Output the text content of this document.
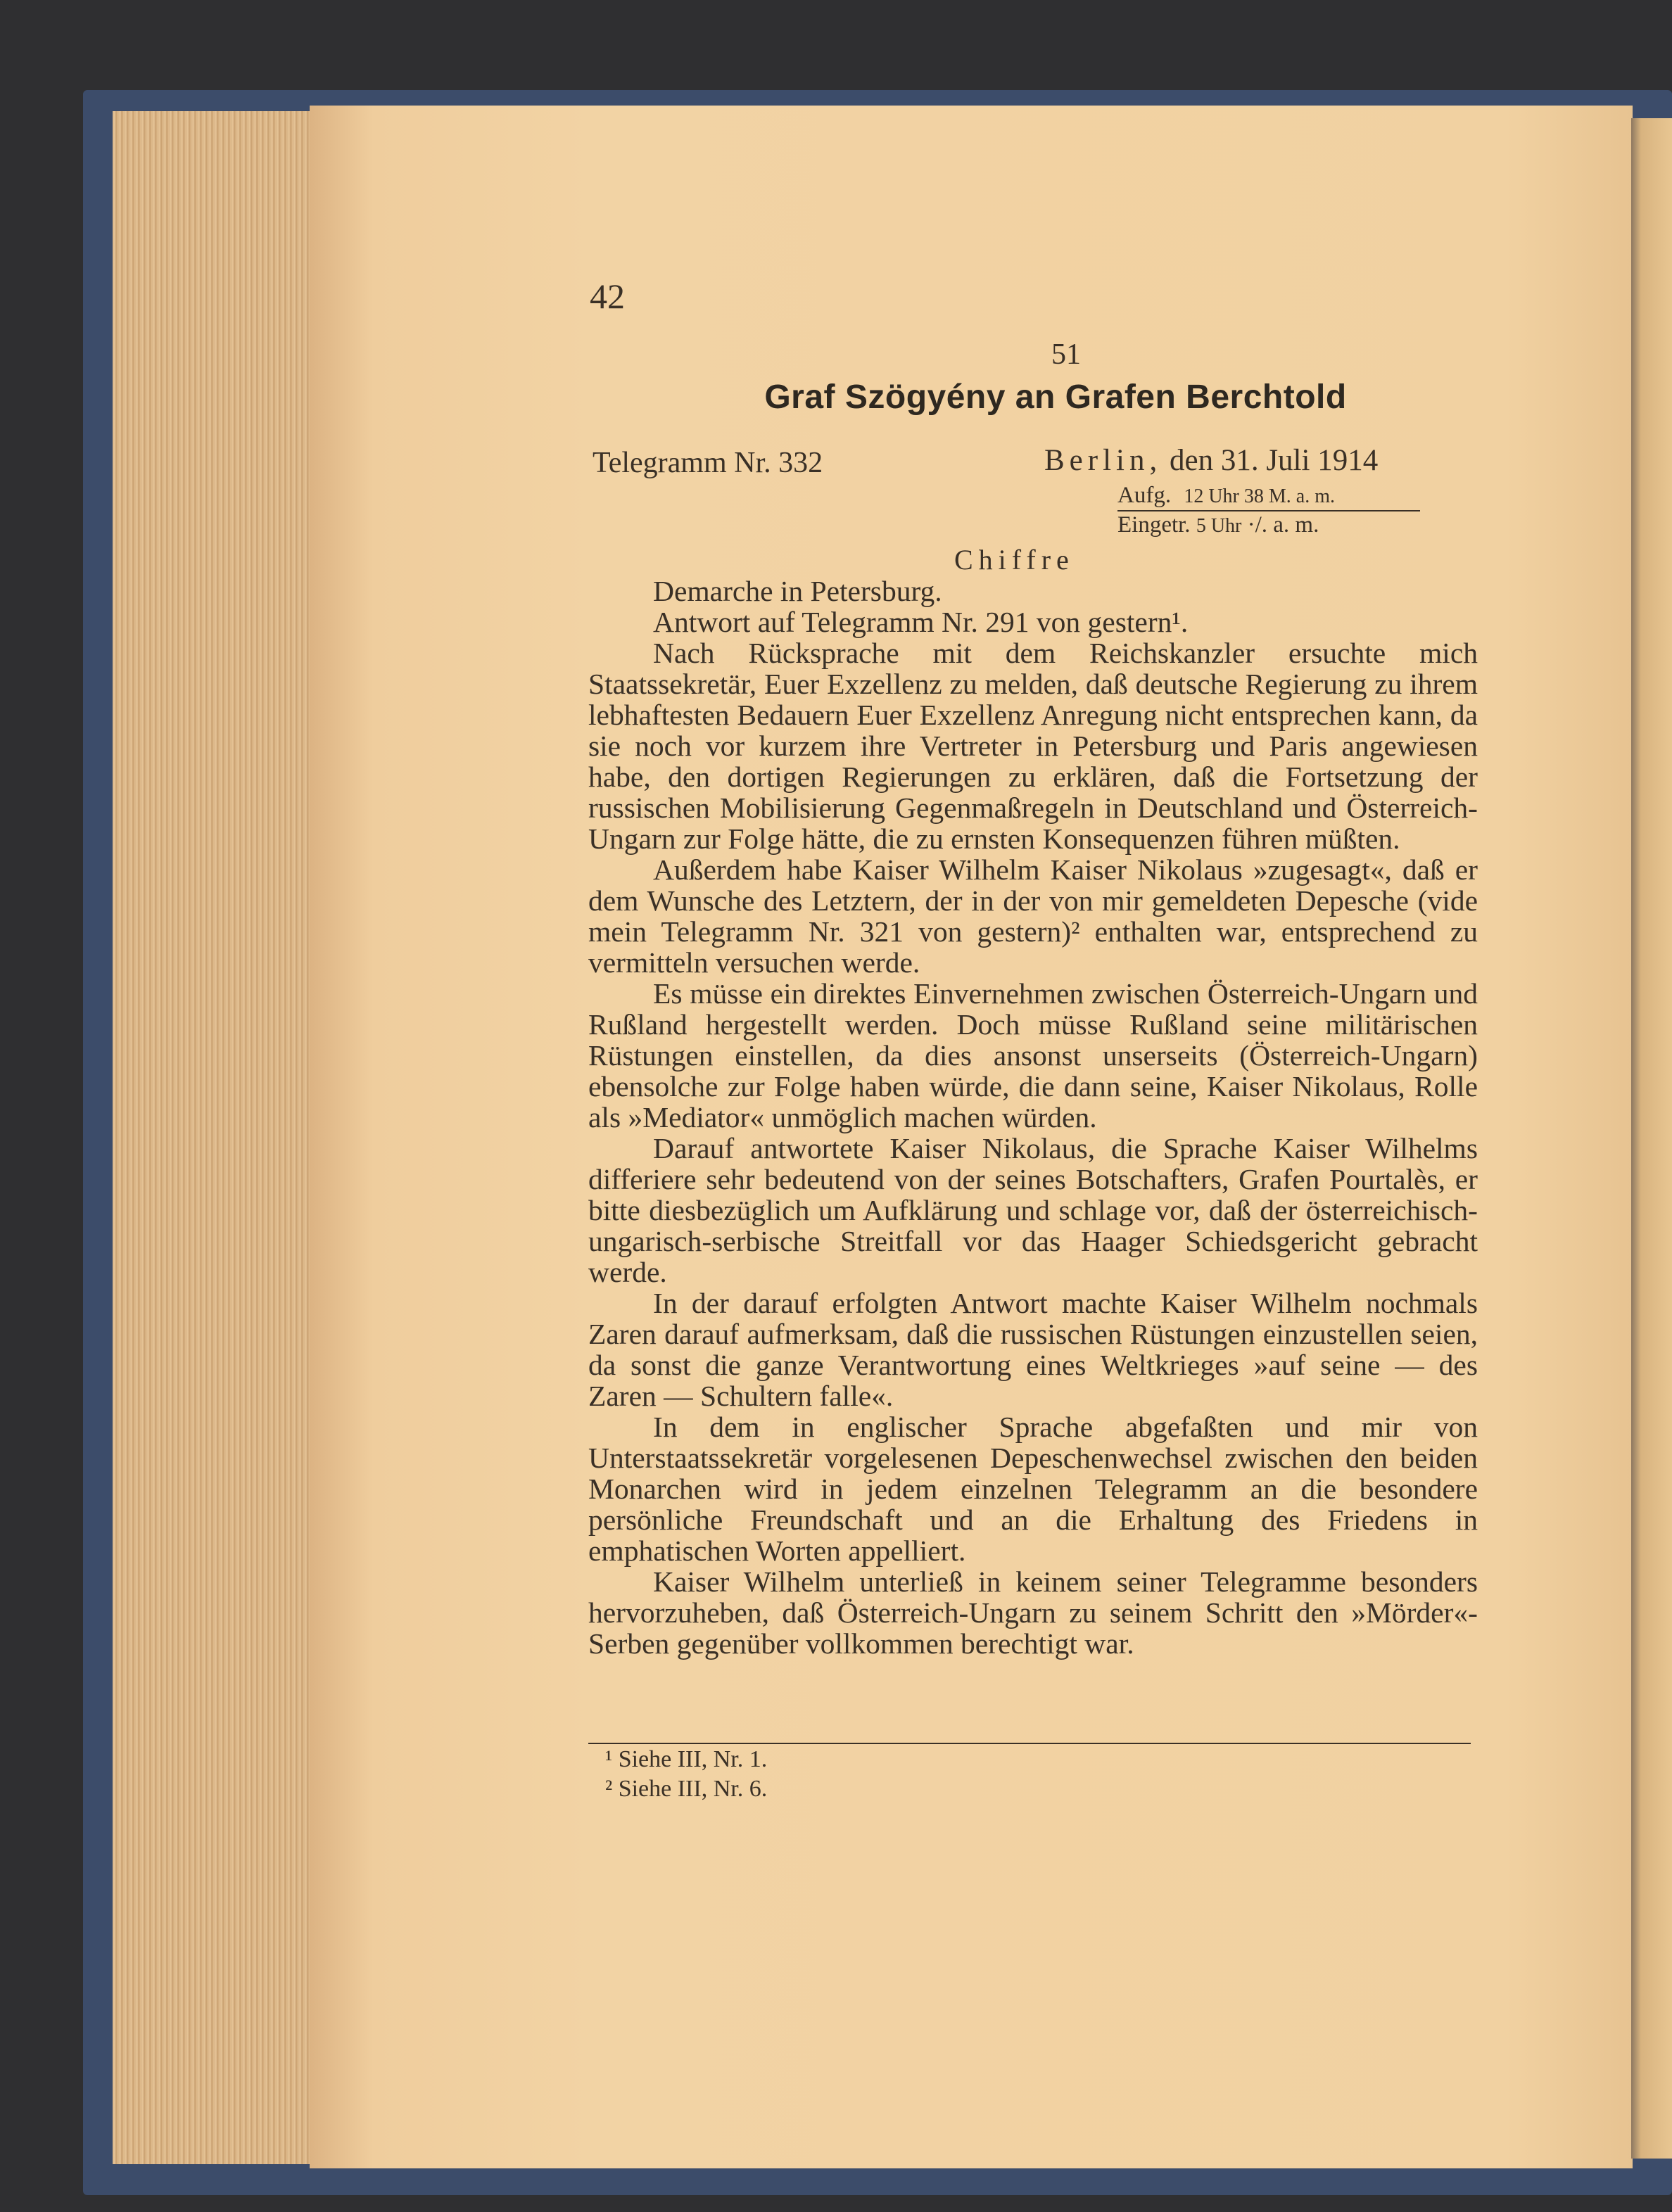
42
51
Graf Szögyény an Grafen Berchtold
Telegramm Nr. 332	Berlin, den 31. Juli 1914
Aufg. 12 Uhr 38 M. a. m.
Eingetr. 5 Uhr ·/. a. m.
Chiffre

Demarche in Petersburg.

Antwort auf Telegramm Nr. 291 von gestern¹.

Nach Rücksprache mit dem Reichskanzler ersuchte mich Staatssekretär, Euer Exzellenz zu melden, daß deutsche Regierung zu ihrem lebhaftesten Bedauern Euer Exzellenz Anregung nicht entsprechen kann, da sie noch vor kurzem ihre Vertreter in Petersburg und Paris angewiesen habe, den dortigen Regierungen zu erklären, daß die Fortsetzung der russischen Mobilisierung Gegenmaßregeln in Deutschland und Österreich-Ungarn zur Folge hätte, die zu ernsten Konsequenzen führen müßten.

Außerdem habe Kaiser Wilhelm Kaiser Nikolaus »zugesagt«, daß er dem Wunsche des Letztern, der in der von mir gemeldeten Depesche (vide mein Telegramm Nr. 321 von gestern)² enthalten war, entsprechend zu vermitteln versuchen werde.

Es müsse ein direktes Einvernehmen zwischen Österreich-Ungarn und Rußland hergestellt werden. Doch müsse Rußland seine militärischen Rüstungen einstellen, da dies ansonst unserseits (Österreich-Ungarn) ebensolche zur Folge haben würde, die dann seine, Kaiser Nikolaus, Rolle als »Mediator« unmöglich machen würden.

Darauf antwortete Kaiser Nikolaus, die Sprache Kaiser Wilhelms differiere sehr bedeutend von der seines Botschafters, Grafen Pourtalès, er bitte diesbezüglich um Aufklärung und schlage vor, daß der österreichisch-ungarisch-serbische Streitfall vor das Haager Schiedsgericht gebracht werde.

In der darauf erfolgten Antwort machte Kaiser Wilhelm nochmals Zaren darauf aufmerksam, daß die russischen Rüstungen einzustellen seien, da sonst die ganze Verantwortung eines Weltkrieges »auf seine — des Zaren — Schultern falle«.

In dem in englischer Sprache abgefaßten und mir von Unterstaatssekretär vorgelesenen Depeschenwechsel zwischen den beiden Monarchen wird in jedem einzelnen Telegramm an die besondere persönliche Freundschaft und an die Erhaltung des Friedens in emphatischen Worten appelliert.

Kaiser Wilhelm unterließ in keinem seiner Telegramme besonders hervorzuheben, daß Österreich-Ungarn zu seinem Schritt den »Mörder«-Serben gegenüber vollkommen berechtigt war.

¹ Siehe III, Nr. 1.
² Siehe III, Nr. 6.
